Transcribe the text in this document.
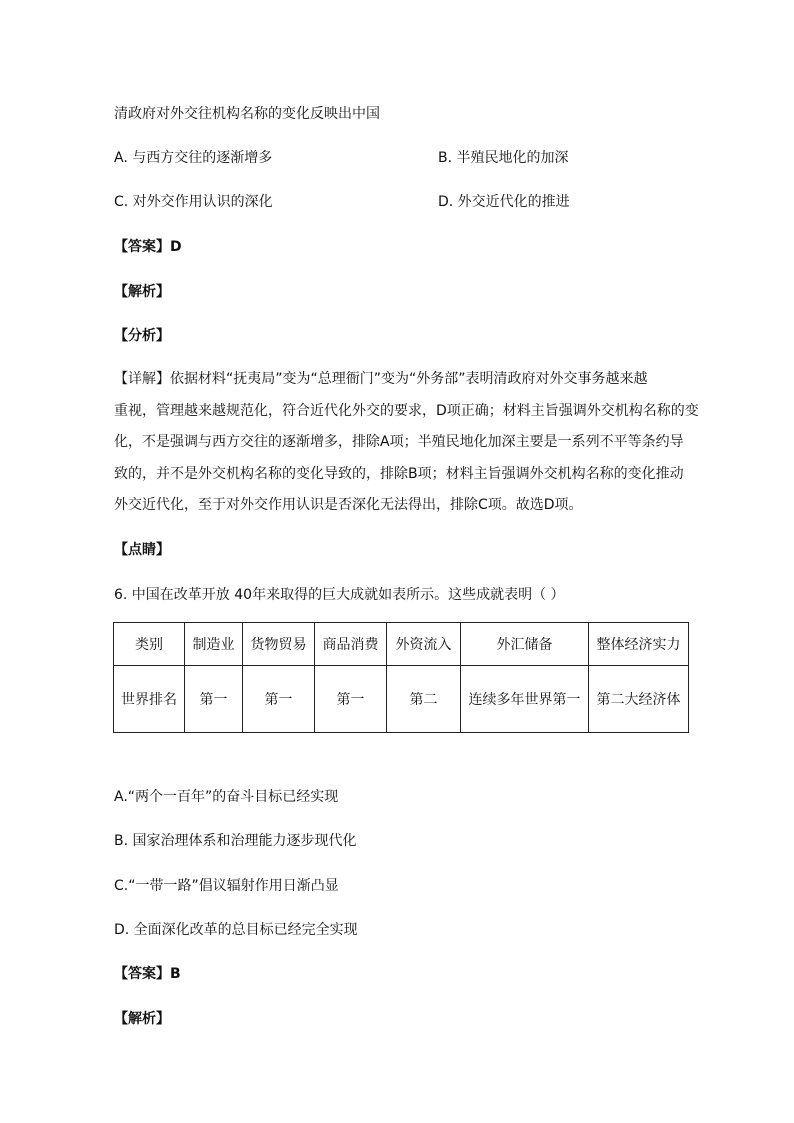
清政府对外交往机构名称的变化反映出中国
A. 与西方交往的逐渐增多	B. 半殖民地化的加深
C. 对外交作用认识的深化	D. 外交近代化的推进
【答案】D
【解析】
【分析】
【详解】依据材料“抚夷局”变为“总理衙门”变为“外务部”表明清政府对外交事务越来越
重视，管理越来越规范化，符合近代化外交的要求，D项正确；材料主旨强调外交机构名称的变
化，不是强调与西方交往的逐渐增多，排除A项；半殖民地化加深主要是一系列不平等条约导
致的，并不是外交机构名称的变化导致的，排除B项；材料主旨强调外交机构名称的变化推动
外交近代化，至于对外交作用认识是否深化无法得出，排除C项。故选D项。
【点睛】
6. 中国在改革开放 40年来取得的巨大成就如表所示。这些成就表明（ ）
类别	制造业	货物贸易	商品消费	外资流入	外汇储备	整体经济实力
世界排名	第一	第一	第一	第二	连续多年世界第一	第二大经济体
A.“两个一百年”的奋斗目标已经实现
B. 国家治理体系和治理能力逐步现代化
C.“一带一路”倡议辐射作用日渐凸显
D. 全面深化改革的总目标已经完全实现
【答案】B
【解析】
